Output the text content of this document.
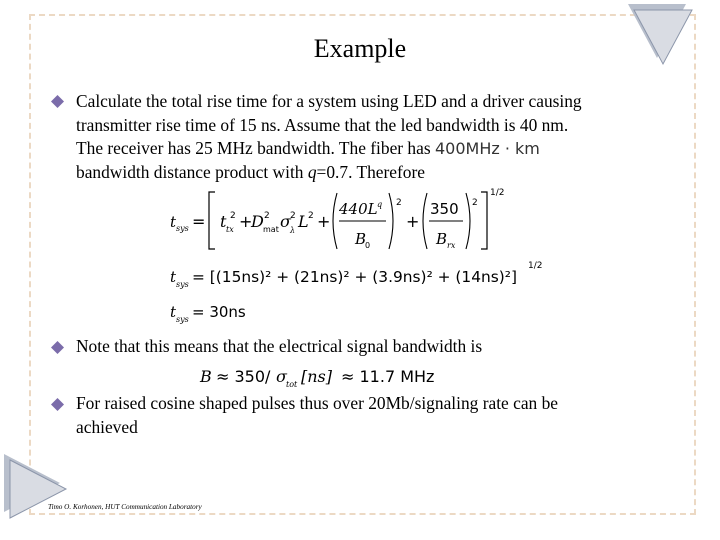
Example
Calculate the total rise time for a system using LED and a driver causing
transmitter rise time of 15 ns. Assume that the led bandwidth is 40 nm.
The receiver has 25 MHz bandwidth. The fiber has 400MHz · km
bandwidth distance product with q=0.7. Therefore
t sys = t tx
2 +
D 2
mat σ 2
λ L 2 +
440L q
B
0
2
+
350
B rx
2
1/2
t sys = [(15ns)² + (21ns)² + (3.9ns)² + (14ns)²]
1/2
t sys = 30ns
Note that this means that the electrical signal bandwidth is
B ≈ 350/ σ tot [ns] ≈ 11.7 MHz
For raised cosine shaped pulses thus over 20Mb/signaling rate can be
achieved
Timo O. Korhonen, HUT Communication Laboratory
